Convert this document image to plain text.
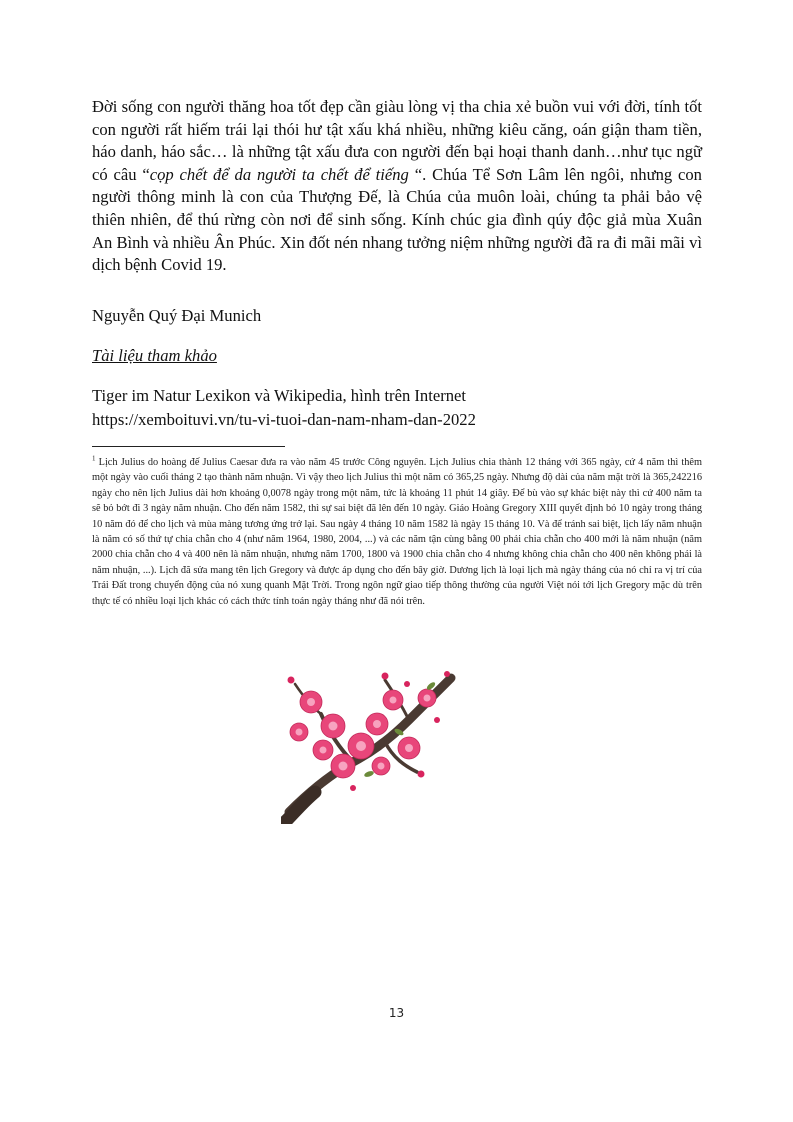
Đời sống con người thăng hoa tốt đẹp cần giàu lòng vị tha chia xẻ buồn vui với đời, tính tốt con người rất hiếm trái lại thói hư tật xấu khá nhiều, những kiêu căng, oán giận tham tiền, háo danh, háo sắc… là những tật xấu đưa con người đến bại hoại thanh danh…như tục ngữ có câu “cọp chết để da người ta chết để tiếng “. Chúa Tể Sơn Lâm lên ngôi, nhưng con người thông minh là con của Thượng Đế, là Chúa của muôn loài, chúng ta phải bảo vệ thiên nhiên, để thú rừng còn nơi để sinh sống. Kính chúc gia đình qúy độc giả mùa Xuân An Bình và nhiều Ân Phúc. Xin đốt nén nhang tưởng niệm những người đã ra đi mãi mãi vì dịch bệnh Covid 19.

Nguyễn Quý Đại Munich
Tài liệu tham khảo
Tiger im Natur Lexikon và Wikipedia, hình trên Internet
https://xemboituvi.vn/tu-vi-tuoi-dan-nam-nham-dan-2022
$^1$ Lịch Julius do hoàng đế Julius Caesar đưa ra vào năm 45 trước Công nguyên. Lịch Julius chia thành 12 tháng với 365 ngày, cứ 4 năm thì thêm một ngày vào cuối tháng 2 tạo thành năm nhuận. Vì vậy theo lịch Julius thì một năm có 365,25 ngày. Nhưng độ dài của năm mặt trời là 365,242216 ngày cho nên lịch Julius dài hơn khoảng 0,0078 ngày trong một năm, tức là khoảng 11 phút 14 giây. Để bù vào sự khác biệt này thì cứ 400 năm ta sẽ bỏ bớt đi 3 ngày năm nhuận. Cho đến năm 1582, thì sự sai biệt đã lên đến 10 ngày. Giáo Hoàng Gregory XIII quyết định bỏ 10 ngày trong tháng 10 năm đó để cho lịch và mùa màng tương ứng trở lại. Sau ngày 4 tháng 10 năm 1582 là ngày 15 tháng 10. Và để tránh sai biệt, lịch lấy năm nhuận là năm có số thứ tự chia chẵn cho 4 (như năm 1964, 1980, 2004, ...) và các năm tận cùng bằng 00 phải chia chẵn cho 400 mới là năm nhuận (năm 2000 chia chẵn cho 4 và 400 nên là năm nhuận, nhưng năm 1700, 1800 và 1900 chia chẵn cho 4 nhưng không chia chẵn cho 400 nên không phải là năm nhuận, ...). Lịch đã sửa mang tên lịch Gregory và được áp dụng cho đến bây giờ. Dương lịch là loại lịch mà ngày tháng của nó chỉ ra vị trí của Trái Đất trong chuyển động của nó xung quanh Mặt Trời. Trong ngôn ngữ giao tiếp thông thường của người Việt nói tới lịch Gregory mặc dù trên thực tế có nhiều loại lịch khác có cách thức tính toán ngày tháng như đã nói trên.
13
